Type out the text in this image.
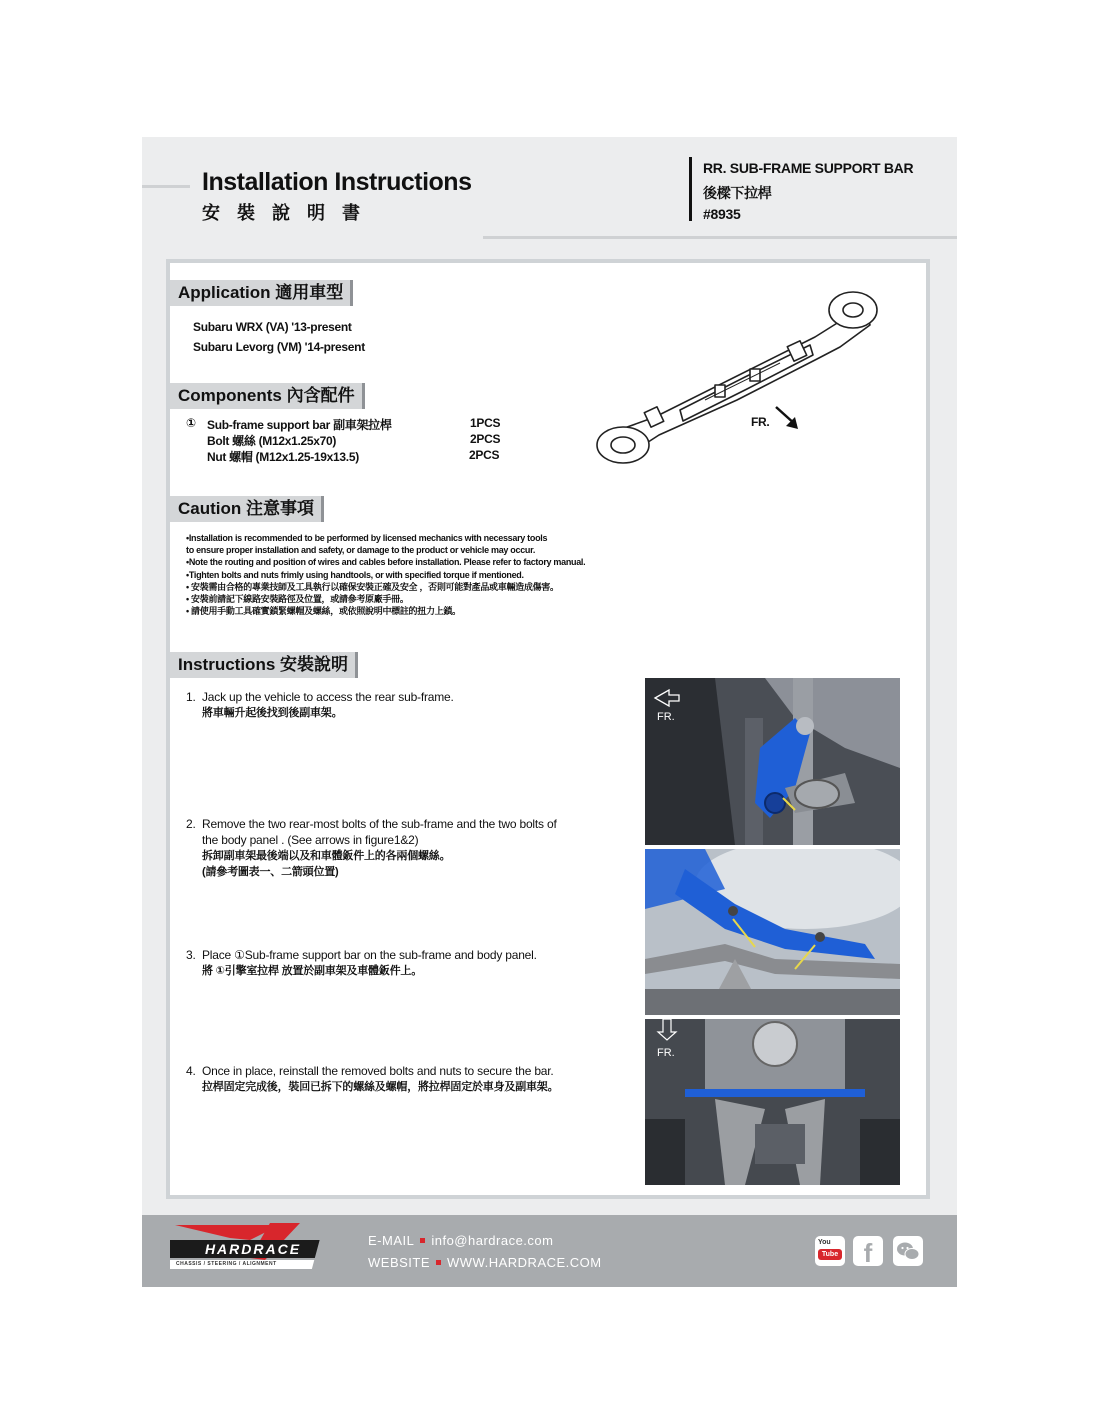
Installation Instructions
安 裝 說 明 書
RR. SUB-FRAME SUPPORT BAR
後樑下拉桿
#8935
Application 適用車型
Subaru WRX (VA) '13-present
Subaru Levorg (VM) '14-present
Components 內含配件
① Sub-frame support bar 副車架拉桿
Bolt 螺絲 (M12x1.25x70)
Nut 螺帽 (M12x1.25-19x13.5)
1PCS
2PCS
2PCS
FR.
Caution 注意事項
•Installation is recommended to be performed by licensed mechanics with necessary tools
to ensure proper installation and safety, or damage to the product or vehicle may occur.
•Note the routing and position of wires and cables before installation. Please refer to factory manual.
•Tighten bolts and nuts frimly using handtools, or with specified torque if mentioned.
• 安裝需由合格的專業技師及工具執行以確保安裝正確及安全 ，否則可能對產品或車輛造成傷害。
• 安裝前請記下線路安裝路徑及位置，或請參考原廠手冊。
• 請使用手動工具確實鎖緊螺帽及螺絲，或依照說明中標註的扭力上鎖。
Instructions 安裝說明
1. Jack up the vehicle to access the rear sub-frame.
將車輛升起後找到後副車架。
2. Remove the two rear-most bolts of the sub-frame and the two bolts of
the body panel . (See arrows in figure1&2)
拆卸副車架最後端以及和車體鈑件上的各兩個螺絲。
(請參考圖表一、二箭頭位置)
3. Place ①Sub-frame support bar on the sub-frame and body panel.
將 ①引擎室拉桿 放置於副車架及車體鈑件上。
4. Once in place, reinstall the removed bolts and nuts to secure the bar.
拉桿固定完成後，裝回已拆下的螺絲及螺帽，將拉桿固定於車身及副車架。
FR.
FR.
HARDRACE
CHASSIS / STEERING / ALIGNMENT
E-MAIL info@hardrace.com
WEBSITE WWW.HARDRACE.COM
You
Tube f
